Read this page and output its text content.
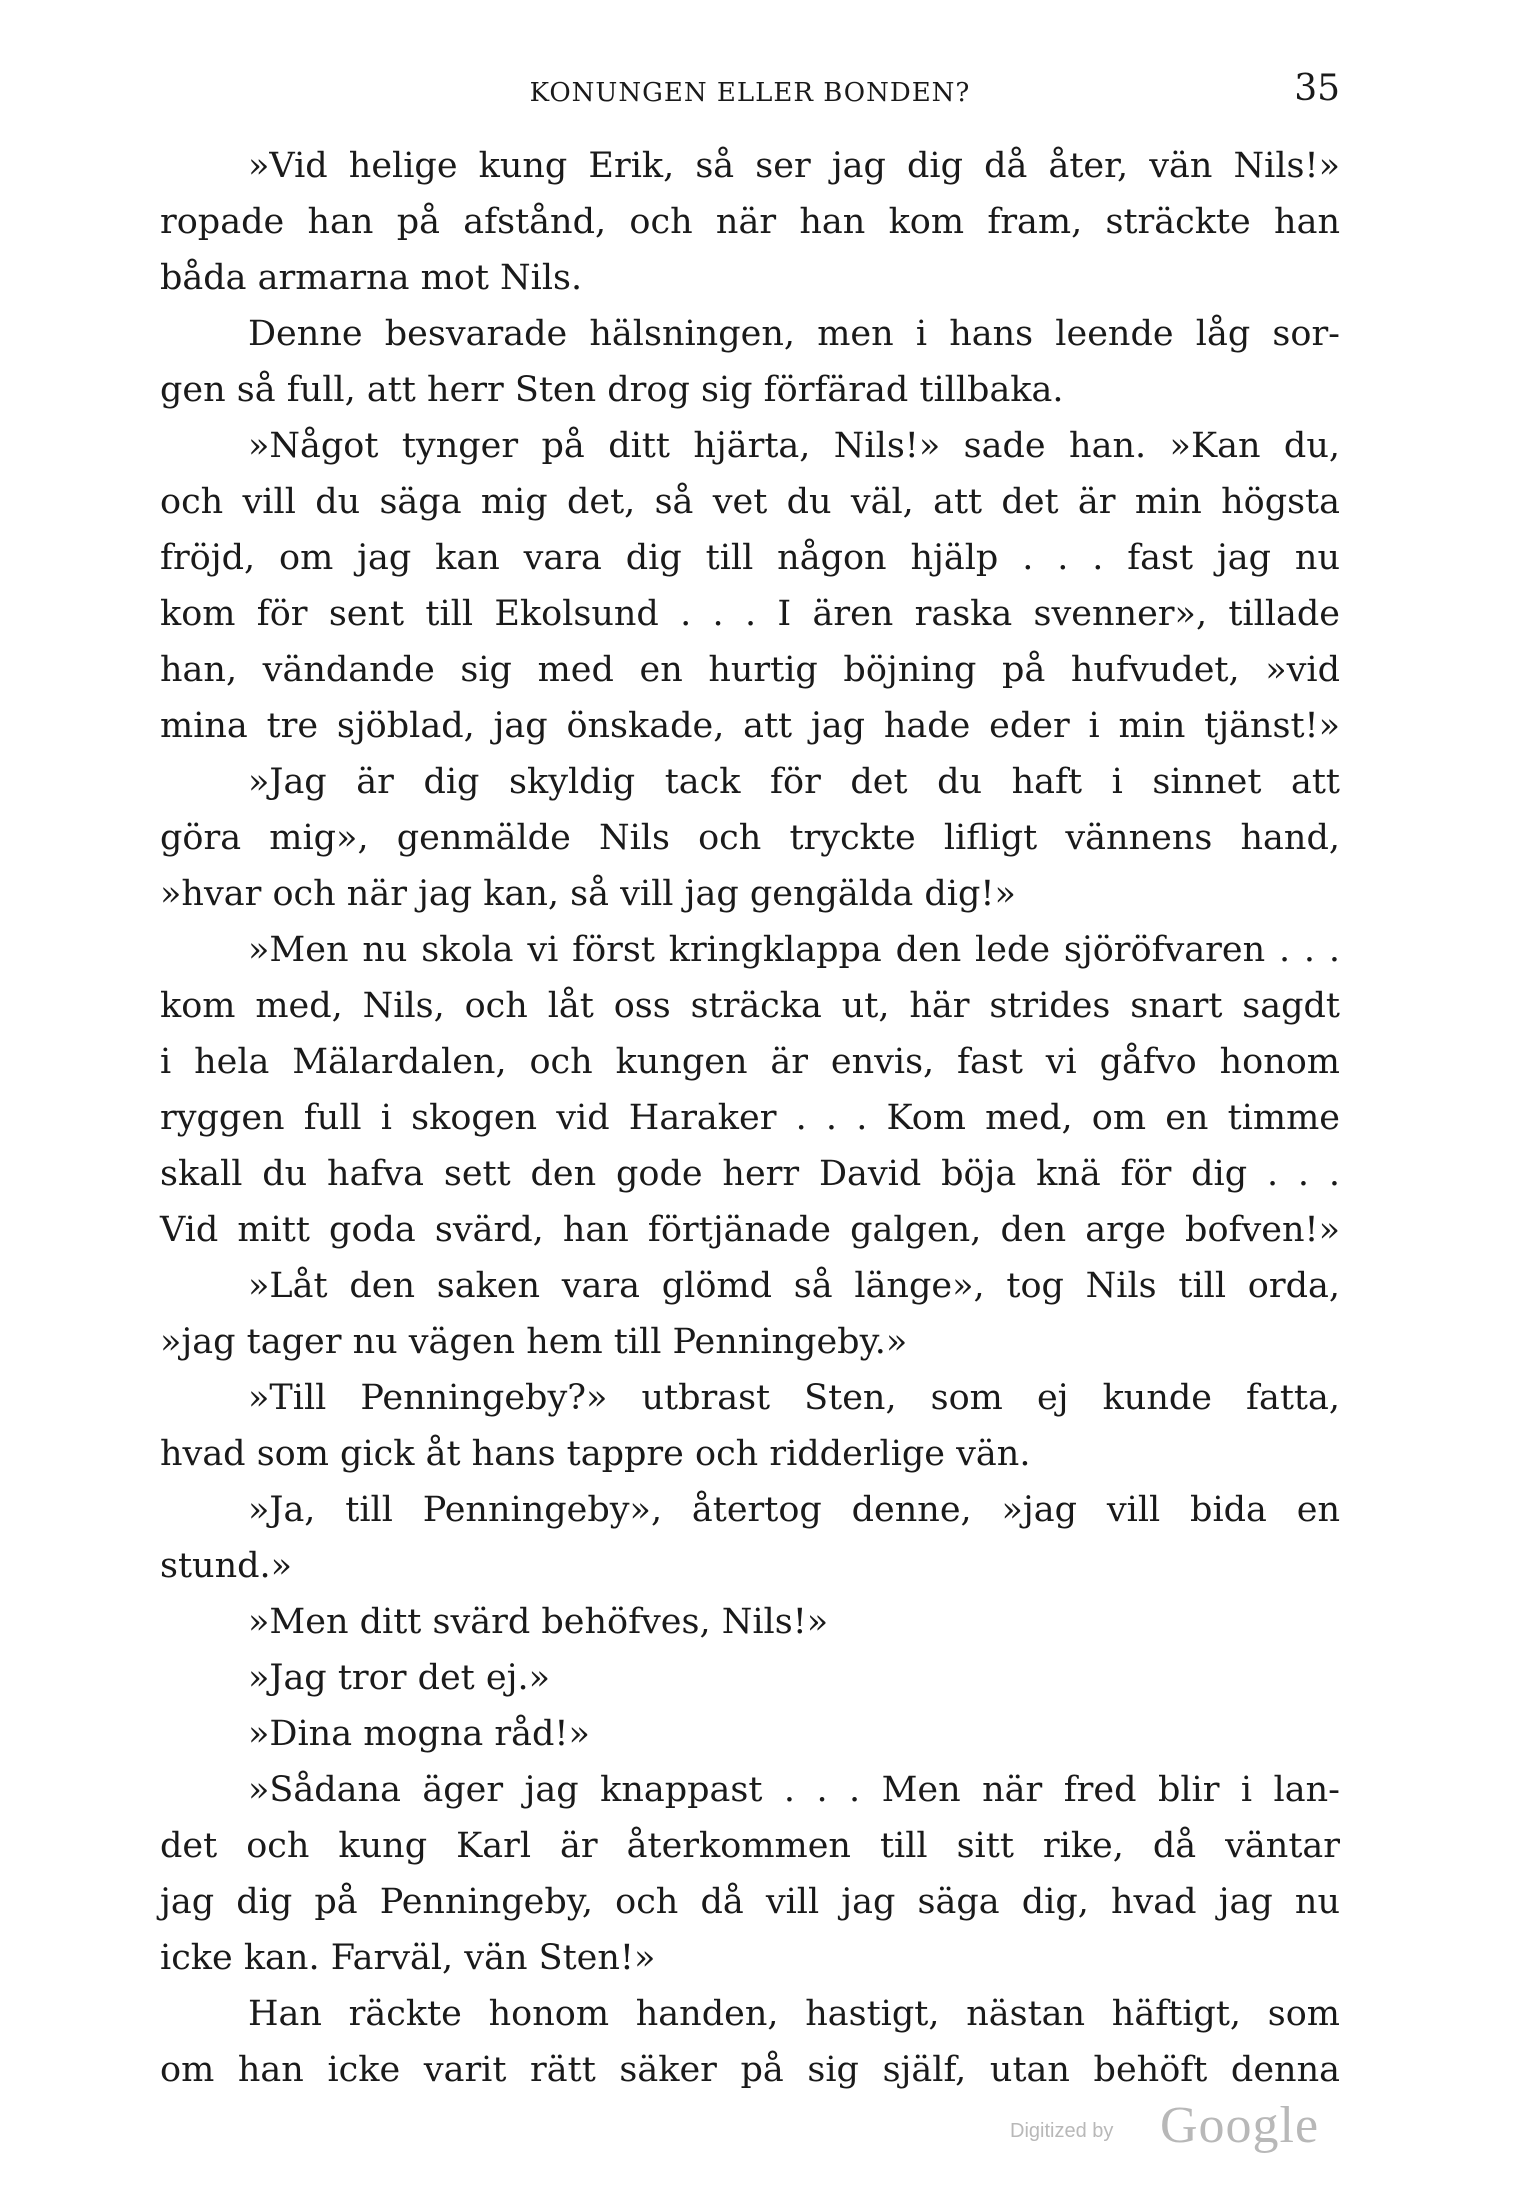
KONUNGEN ELLER BONDEN?	35
»Vid helige kung Erik, så ser jag dig då åter, vän Nils!»
ropade han på afstånd, och när han kom fram, sträckte han
båda armarna mot Nils.
Denne besvarade hälsningen, men i hans leende låg sor-
gen så full, att herr Sten drog sig förfärad tillbaka.
»Något tynger på ditt hjärta, Nils!» sade han. »Kan du,
och vill du säga mig det, så vet du väl, att det är min högsta
fröjd, om jag kan vara dig till någon hjälp . . . fast jag nu
kom för sent till Ekolsund . . . I ären raska svenner», tillade
han, vändande sig med en hurtig böjning på hufvudet, »vid
mina tre sjöblad, jag önskade, att jag hade eder i min tjänst!»
»Jag är dig skyldig tack för det du haft i sinnet att
göra mig», genmälde Nils och tryckte lifligt vännens hand,
»hvar och när jag kan, så vill jag gengälda dig!»
»Men nu skola vi först kringklappa den lede sjöröfvaren . . .
kom med, Nils, och låt oss sträcka ut, här strides snart sagdt
i hela Mälardalen, och kungen är envis, fast vi gåfvo honom
ryggen full i skogen vid Haraker . . . Kom med, om en timme
skall du hafva sett den gode herr David böja knä för dig . . .
Vid mitt goda svärd, han förtjänade galgen, den arge bofven!»
»Låt den saken vara glömd så länge», tog Nils till orda,
»jag tager nu vägen hem till Penningeby.»
»Till Penningeby?» utbrast Sten, som ej kunde fatta,
hvad som gick åt hans tappre och ridderlige vän.
»Ja, till Penningeby», återtog denne, »jag vill bida en
stund.»
»Men ditt svärd behöfves, Nils!»
»Jag tror det ej.»
»Dina mogna råd!»
»Sådana äger jag knappast . . . Men när fred blir i lan-
det och kung Karl är återkommen till sitt rike, då väntar
jag dig på Penningeby, och då vill jag säga dig, hvad jag nu
icke kan. Farväl, vän Sten!»
Han räckte honom handen, hastigt, nästan häftigt, som
om han icke varit rätt säker på sig själf, utan behöft denna
Digitized by Google
